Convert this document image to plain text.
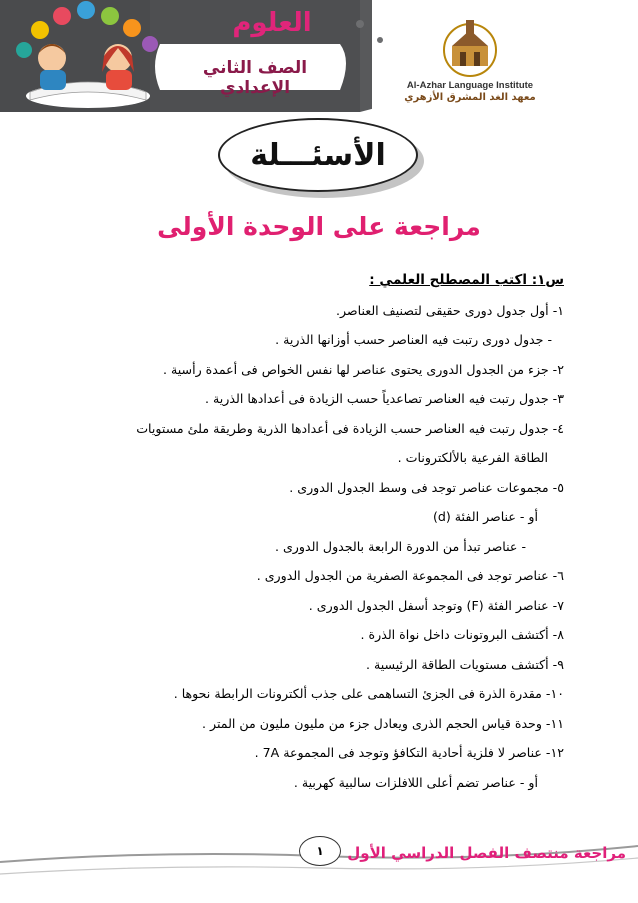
العلوم
الصف الثاني الإعدادي	Al-Azhar Language Institute
معهد الغد المشرق الأزهري
الأسئـــلة
مراجعة على الوحدة الأولى
س١: اكتب المصطلح العلمي :
١- أول جدول دورى حقيقى لتصنيف العناصر.
- جدول دورى رتبت فيه العناصر حسب أوزانها الذرية .
٢- جزء من الجدول الدورى يحتوى عناصر لها نفس الخواص فى أعمدة رأسية .
٣- جدول رتبت فيه العناصر تصاعدياً حسب الزيادة فى أعدادها الذرية .
٤- جدول رتبت فيه العناصر حسب الزيادة فى أعدادها الذرية وطريقة ملئ مستويات
الطاقة الفرعية بالألكترونات .
٥- مجموعات عناصر توجد فى وسط الجدول الدورى .
أو - عناصر الفئة (d)
- عناصر تبدأ من الدورة الرابعة بالجدول الدورى .
٦- عناصر توجد فى المجموعة الصفرية من الجدول الدورى .
٧- عناصر الفئة (F) وتوجد أسفل الجدول الدورى .
٨- أكتشف البروتونات داخل نواة الذرة .
٩- أكتشف مستويات الطاقة الرئيسية .
١٠- مقدرة الذرة فى الجزئ التساهمى على جذب ألكترونات الرابطة نحوها .
١١- وحدة قياس الحجم الذرى ويعادل جزء من مليون مليون من المتر .
١٢- عناصر لا فلزية أحادية التكافؤ وتوجد فى المجموعة 7A .
أو - عناصر تضم أعلى اللافلزات سالبية كهربية .
١ مراجعة منتصف الفصل الدراسي الأول
